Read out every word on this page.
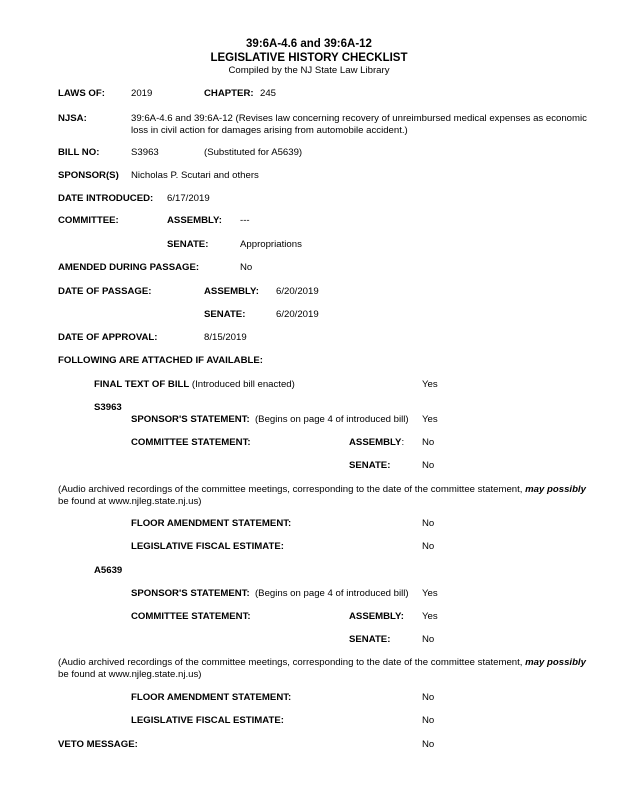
39:6A-4.6 and 39:6A-12
LEGISLATIVE HISTORY CHECKLIST
Compiled by the NJ State Law Library
LAWS OF:	2019	CHAPTER: 245
NJSA:	39:6A-4.6 and 39:6A-12 (Revises law concerning recovery of unreimbursed medical expenses as economic
loss in civil action for damages arising from automobile accident.)
BILL NO:	S3963	(Substituted for A5639)
SPONSOR(S) Nicholas P. Scutari and others
DATE INTRODUCED: 6/17/2019
COMMITTEE:	ASSEMBLY: ---
SENATE:	Appropriations
AMENDED DURING PASSAGE:	No
DATE OF PASSAGE:	ASSEMBLY: 6/20/2019
SENATE:	6/20/2019
DATE OF APPROVAL:	8/15/2019
FOLLOWING ARE ATTACHED IF AVAILABLE:
FINAL TEXT OF BILL (Introduced bill enacted)	Yes
S3963
SPONSOR'S STATEMENT:  (Begins on page 4 of introduced bill) Yes
COMMITTEE STATEMENT:	ASSEMBLY: No
SENATE:	No
(Audio archived recordings of the committee meetings, corresponding to the date of the committee statement, may possibly
be found at www.njleg.state.nj.us)
FLOOR AMENDMENT STATEMENT:	No
LEGISLATIVE FISCAL ESTIMATE:	No
A5639
SPONSOR'S STATEMENT:  (Begins on page 4 of introduced bill) Yes
COMMITTEE STATEMENT:	ASSEMBLY: Yes
SENATE:	No
(Audio archived recordings of the committee meetings, corresponding to the date of the committee statement, may possibly
be found at www.njleg.state.nj.us)
FLOOR AMENDMENT STATEMENT:	No
LEGISLATIVE FISCAL ESTIMATE:	No
VETO MESSAGE:	No
